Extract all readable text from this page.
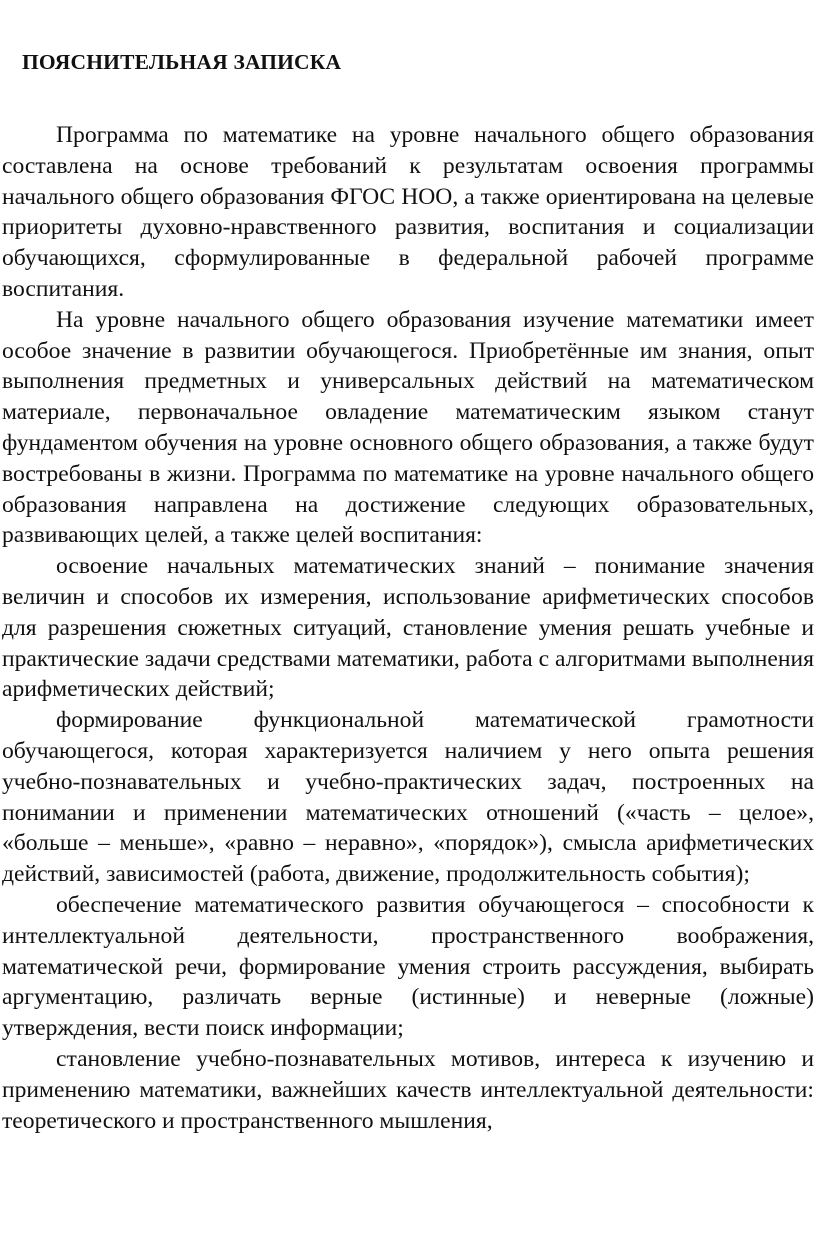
ПОЯСНИТЕЛЬНАЯ ЗАПИСКА

Программа по математике на уровне начального общего образования составлена на основе требований к результатам освоения программы начального общего образования ФГОС НОО, а также ориентирована на целевые приоритеты духовно-нравственного развития, воспитания и социализации обучающихся, сформулированные в федеральной рабочей программе воспитания.

На уровне начального общего образования изучение математики имеет особое значение в развитии обучающегося. Приобретённые им знания, опыт выполнения предметных и универсальных действий на математическом материале, первоначальное овладение математическим языком станут фундаментом обучения на уровне основного общего образования, а также будут востребованы в жизни. Программа по математике на уровне начального общего образования направлена на достижение следующих образовательных, развивающих целей, а также целей воспитания:

освоение начальных математических знаний – понимание значения величин и способов их измерения, использование арифметических способов для разрешения сюжетных ситуаций, становление умения решать учебные и практические задачи средствами математики, работа с алгоритмами выполнения арифметических действий;

формирование функциональной математической грамотности обучающегося, которая характеризуется наличием у него опыта решения учебно-познавательных и учебно-практических задач, построенных на понимании и применении математических отношений («часть – целое», «больше – меньше», «равно – неравно», «порядок»), смысла арифметических действий, зависимостей (работа, движение, продолжительность события);

обеспечение математического развития обучающегося – способности к интеллектуальной деятельности, пространственного воображения, математической речи, формирование умения строить рассуждения, выбирать аргументацию, различать верные (истинные) и неверные (ложные) утверждения, вести поиск информации;

становление учебно-познавательных мотивов, интереса к изучению и применению математики, важнейших качеств интеллектуальной деятельности: теоретического и пространственного мышления,
